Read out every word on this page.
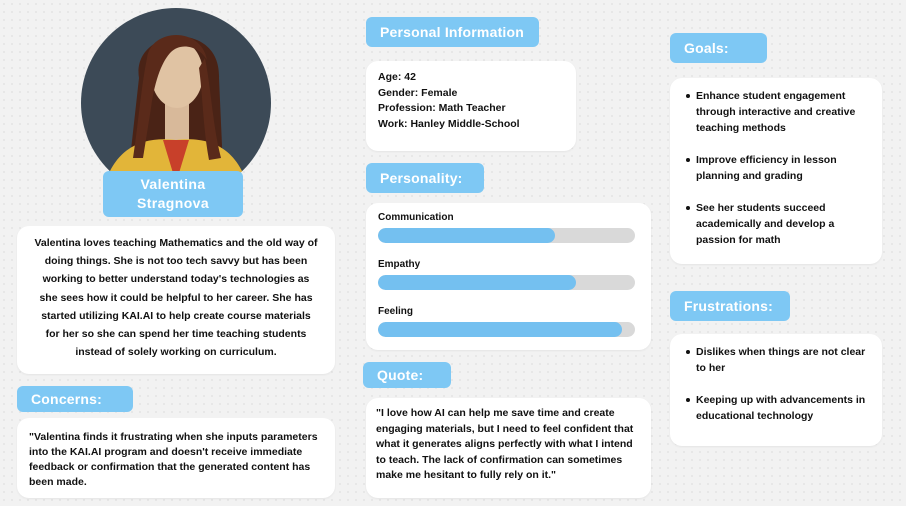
Valentina
Stragnova

Valentina loves teaching Mathematics and the old way of doing things. She is not too tech savvy but has been working to better understand today's technologies as she sees how it could be helpful to her career. She has started utilizing KAI.AI to help create course materials for her so she can spend her time teaching students instead of solely working on curriculum.

Concerns:

"Valentina finds it frustrating when she inputs parameters into the KAI.AI program and doesn't receive immediate feedback or confirmation that the generated content has been made.

Personal Information
Age: 42
Gender: Female
Profession: Math Teacher
Work: Hanley Middle-School
Personality:
Communication
Empathy
Feeling
Quote:

"I love how AI can help me save time and create engaging materials, but I need to feel confident that what it generates aligns perfectly with what I intend to teach. The lack of confirmation can sometimes make me hesitant to fully rely on it."

Goals:
Enhance student engagement through interactive and creative teaching methods
Improve efficiency in lesson planning and grading
See her students succeed academically and develop a passion for math
Frustrations:
Dislikes when things are not clear to her
Keeping up with advancements in educational technology
